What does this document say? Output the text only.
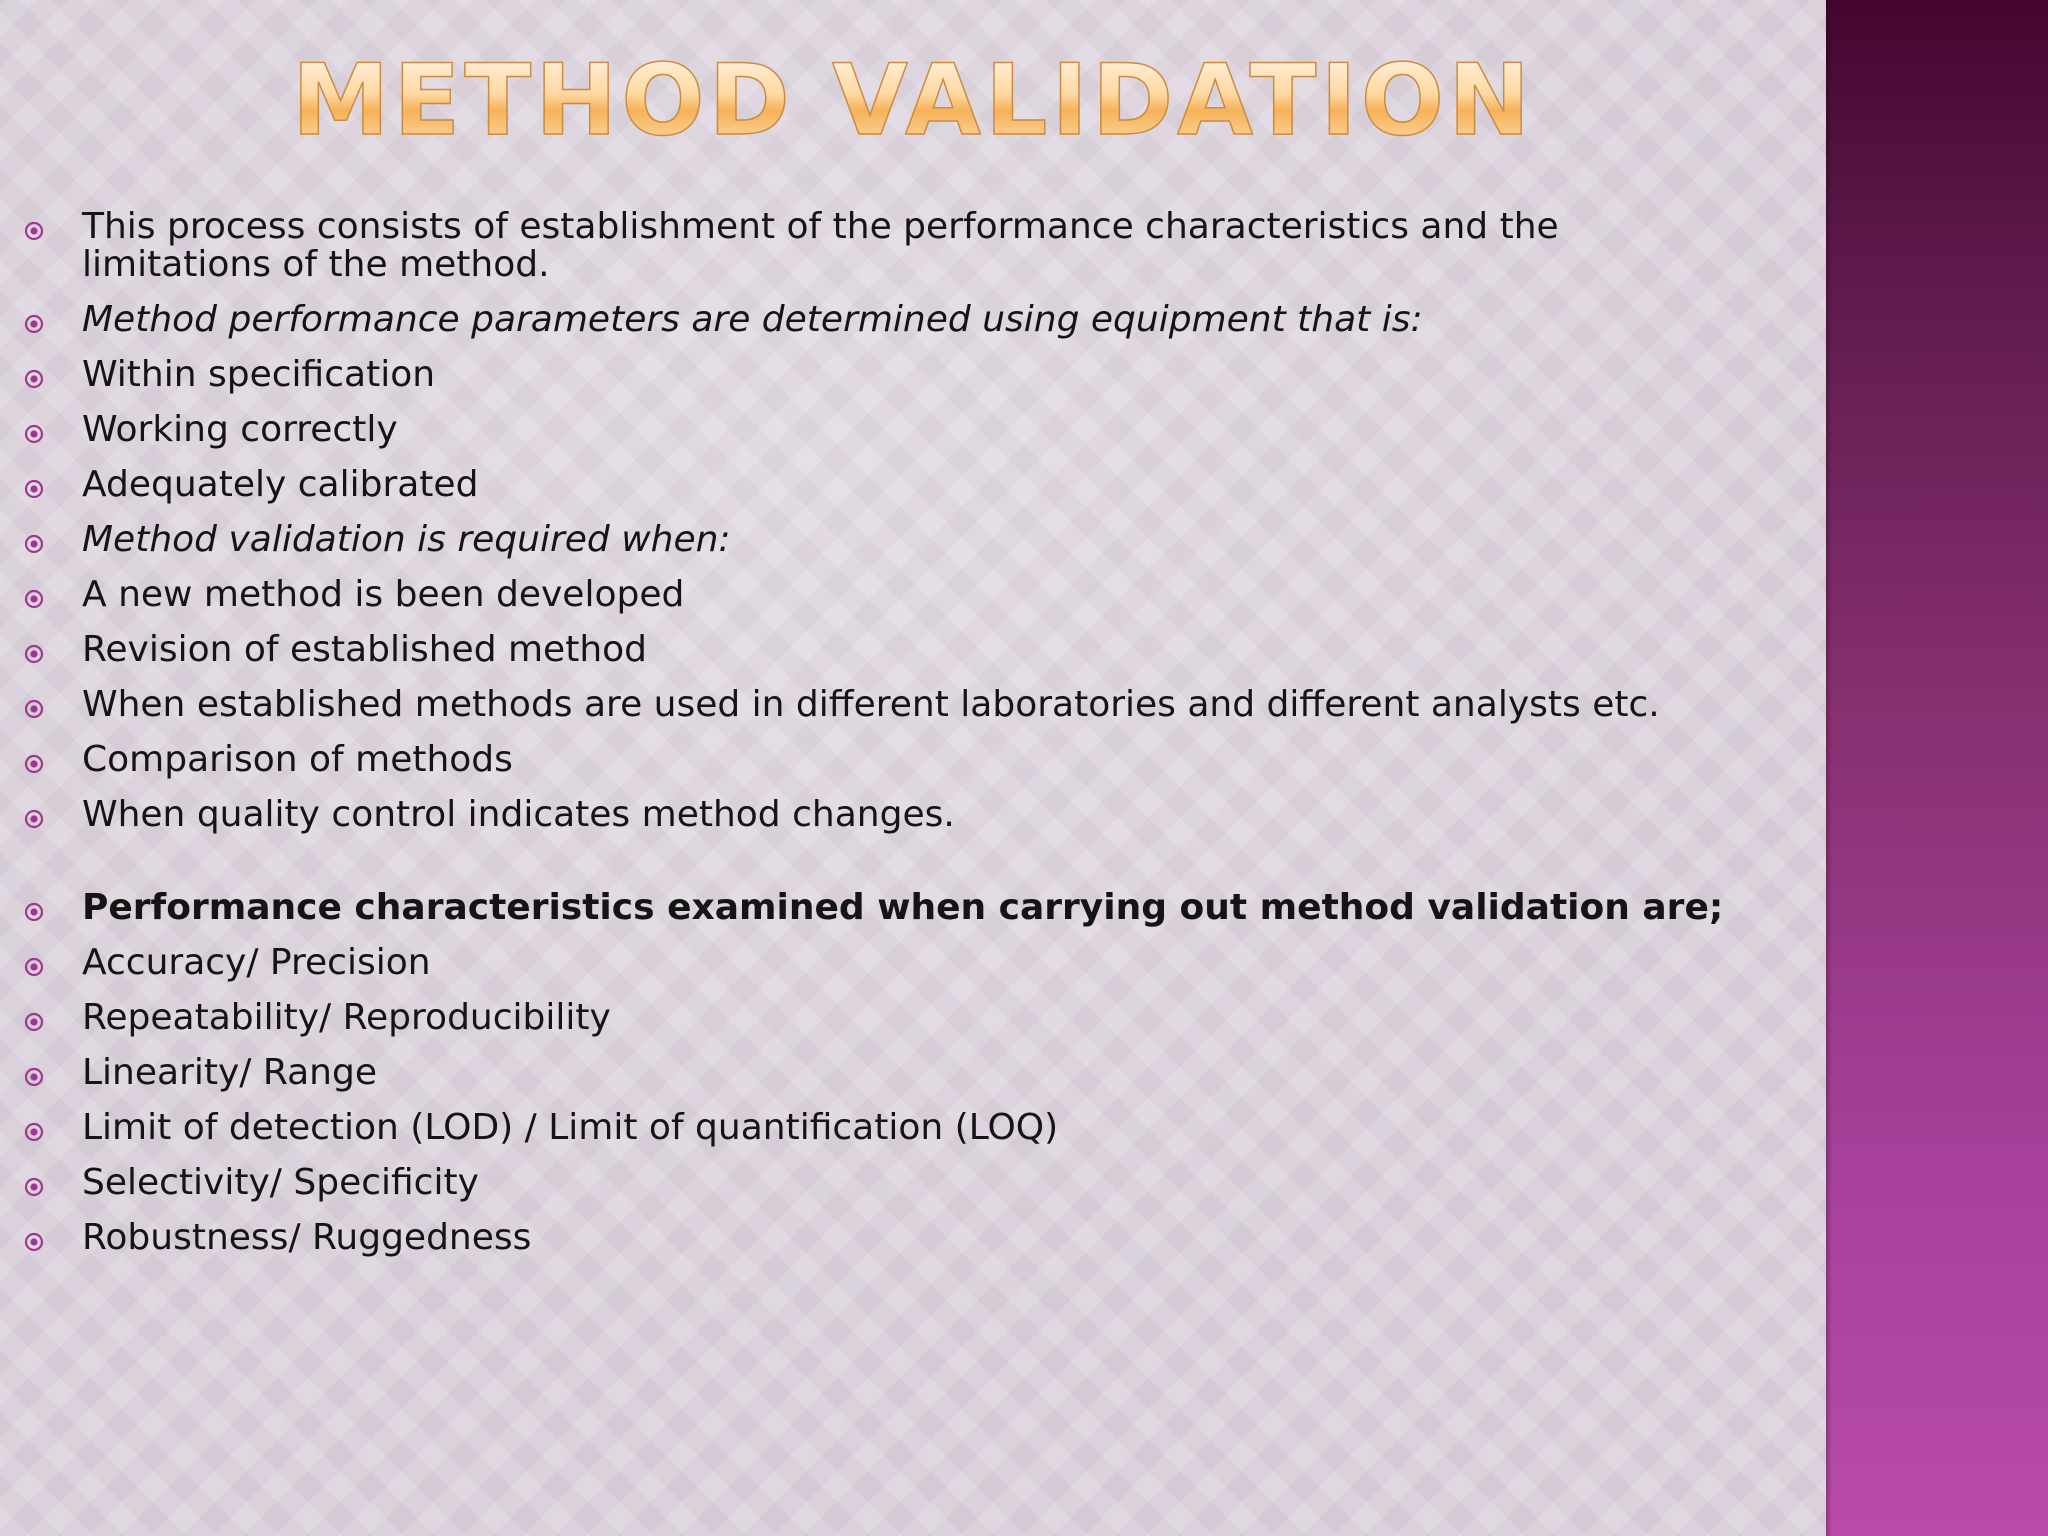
METHOD VALIDATION
This process consists of establishment of the performance characteristics and the limitations of the method.
Method performance parameters are determined using equipment that is:
Within specification
Working correctly
Adequately calibrated
Method validation is required when:
A new method is been developed
Revision of established method
When established methods are used in different laboratories and different analysts etc.
Comparison of methods
When quality control indicates method changes.
Performance characteristics examined when carrying out method validation are;
Accuracy/ Precision
Repeatability/ Reproducibility
Linearity/ Range
Limit of detection (LOD) / Limit of quantification (LOQ)
Selectivity/ Specificity
Robustness/ Ruggedness
